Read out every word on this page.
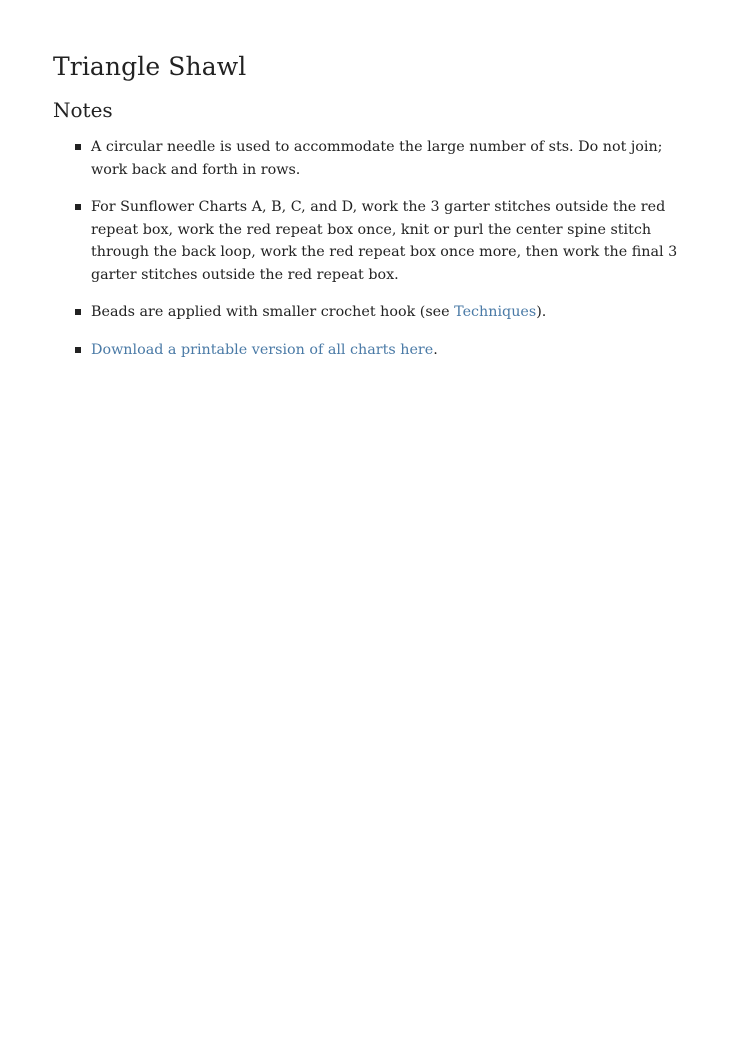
Triangle Shawl
Notes
A circular needle is used to accommodate the large number of sts. Do not join; work back and forth in rows.
For Sunflower Charts A, B, C, and D, work the 3 garter stitches outside the red repeat box, work the red repeat box once, knit or purl the center spine stitch through the back loop, work the red repeat box once more, then work the final 3 garter stitches outside the red repeat box.
Beads are applied with smaller crochet hook (see Techniques).
Download a printable version of all charts here.
